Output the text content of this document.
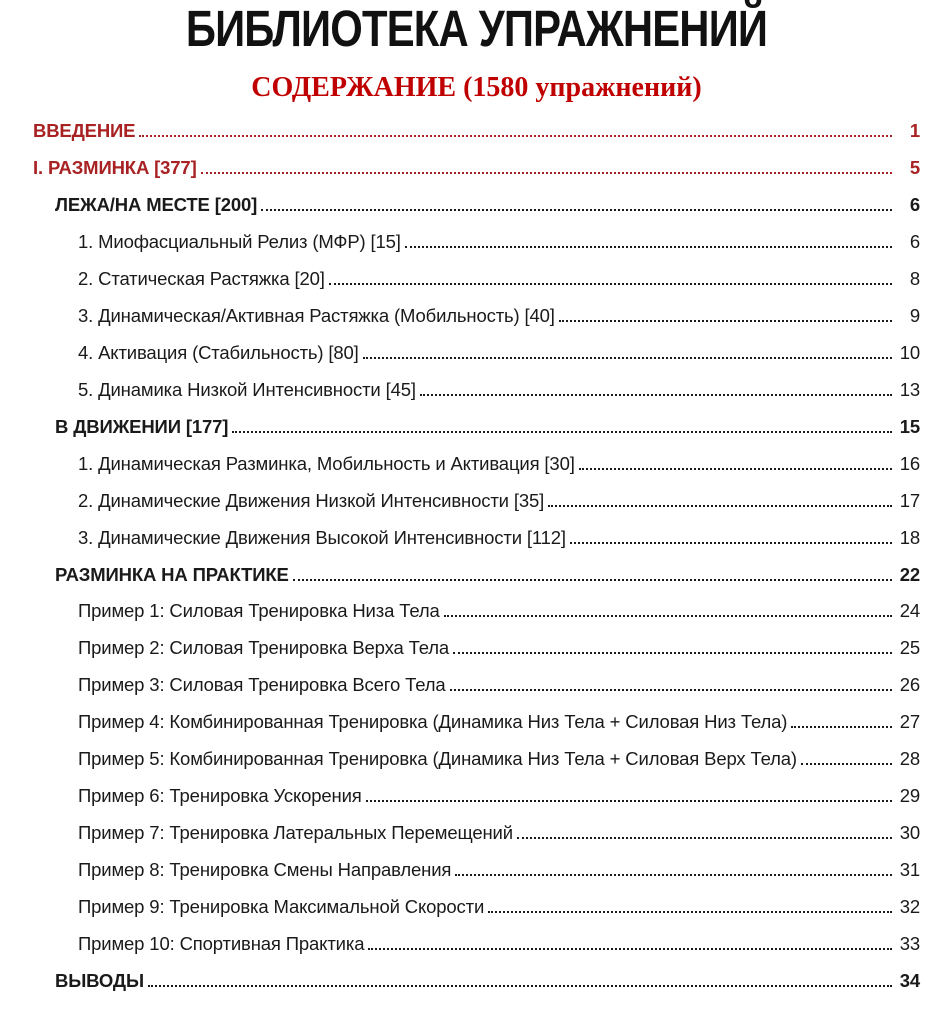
БИБЛИОТЕКА УПРАЖНЕНИЙ
СОДЕРЖАНИЕ (1580 упражнений)
ВВЕДЕНИЕ	1
I. РАЗМИНКА [377]	5
ЛЕЖА/НА МЕСТЕ [200]	6
1. Миофасциальный Релиз (МФР) [15]	6
2. Статическая Растяжка [20]	8
3. Динамическая/Активная Растяжка (Мобильность) [40]	9
4. Активация (Стабильность) [80]	10
5. Динамика Низкой Интенсивности [45]	13
В ДВИЖЕНИИ [177]	15
1. Динамическая Разминка, Мобильность и Активация [30]	16
2. Динамические Движения Низкой Интенсивности [35]	17
3. Динамические Движения Высокой Интенсивности [112]	18
РАЗМИНКА НА ПРАКТИКЕ	22
Пример 1: Силовая Тренировка Низа Тела	24
Пример 2: Силовая Тренировка Верха Тела	25
Пример 3: Силовая Тренировка Всего Тела	26
Пример 4: Комбинированная Тренировка (Динамика Низ Тела + Силовая Низ Тела)	27
Пример 5: Комбинированная Тренировка (Динамика Низ Тела + Силовая Верх Тела)	28
Пример 6: Тренировка Ускорения	29
Пример 7: Тренировка Латеральных Перемещений	30
Пример 8: Тренировка Смены Направления	31
Пример 9: Тренировка Максимальной Скорости	32
Пример 10: Спортивная Практика	33
ВЫВОДЫ	34
